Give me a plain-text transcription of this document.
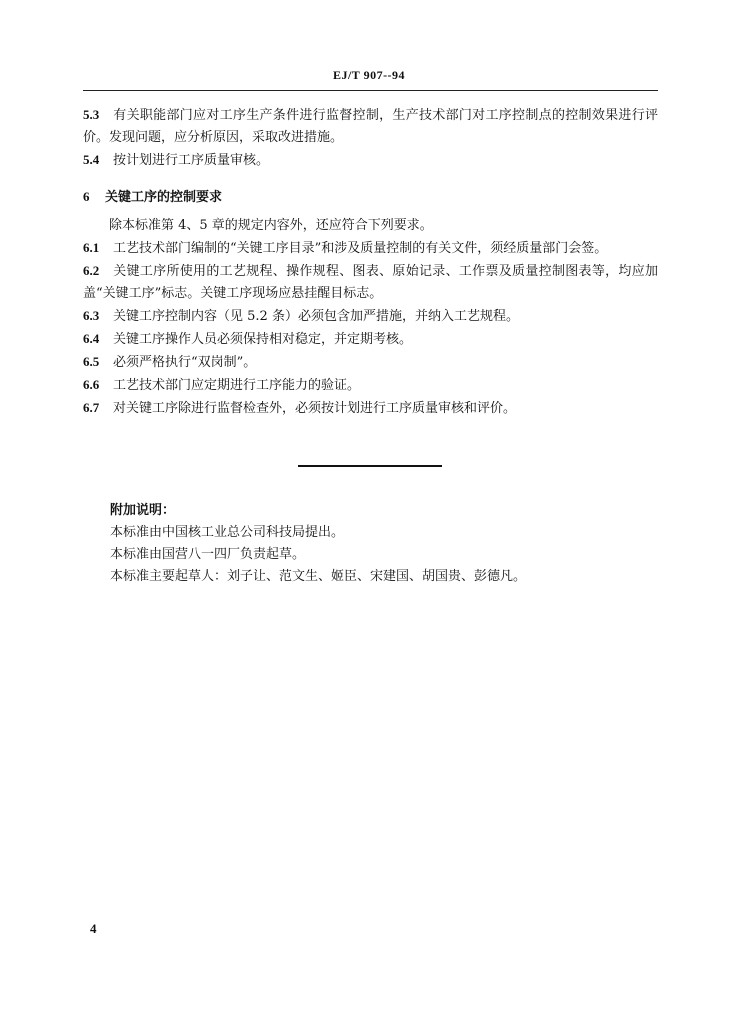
EJ/T 907--94

5.3 有关职能部门应对工序生产条件进行监督控制，生产技术部门对工序控制点的控制效果进行评价。发现问题，应分析原因，采取改进措施。

5.4 按计划进行工序质量审核。

6 关键工序的控制要求

除本标准第 4、5 章的规定内容外，还应符合下列要求。

6.1 工艺技术部门编制的“关键工序目录”和涉及质量控制的有关文件，须经质量部门会签。

6.2 关键工序所使用的工艺规程、操作规程、图表、原始记录、工作票及质量控制图表等，均应加盖“关键工序”标志。关键工序现场应悬挂醒目标志。

6.3 关键工序控制内容（见 5.2 条）必须包含加严措施，并纳入工艺规程。

6.4 关键工序操作人员必须保持相对稳定，并定期考核。

6.5 必须严格执行“双岗制”。

6.6 工艺技术部门应定期进行工序能力的验证。

6.7 对关键工序除进行监督检查外，必须按计划进行工序质量审核和评价。

附加说明：

本标准由中国核工业总公司科技局提出。

本标准由国营八一四厂负责起草。

本标准主要起草人：刘子让、范文生、姬臣、宋建国、胡国贵、彭德凡。

4
